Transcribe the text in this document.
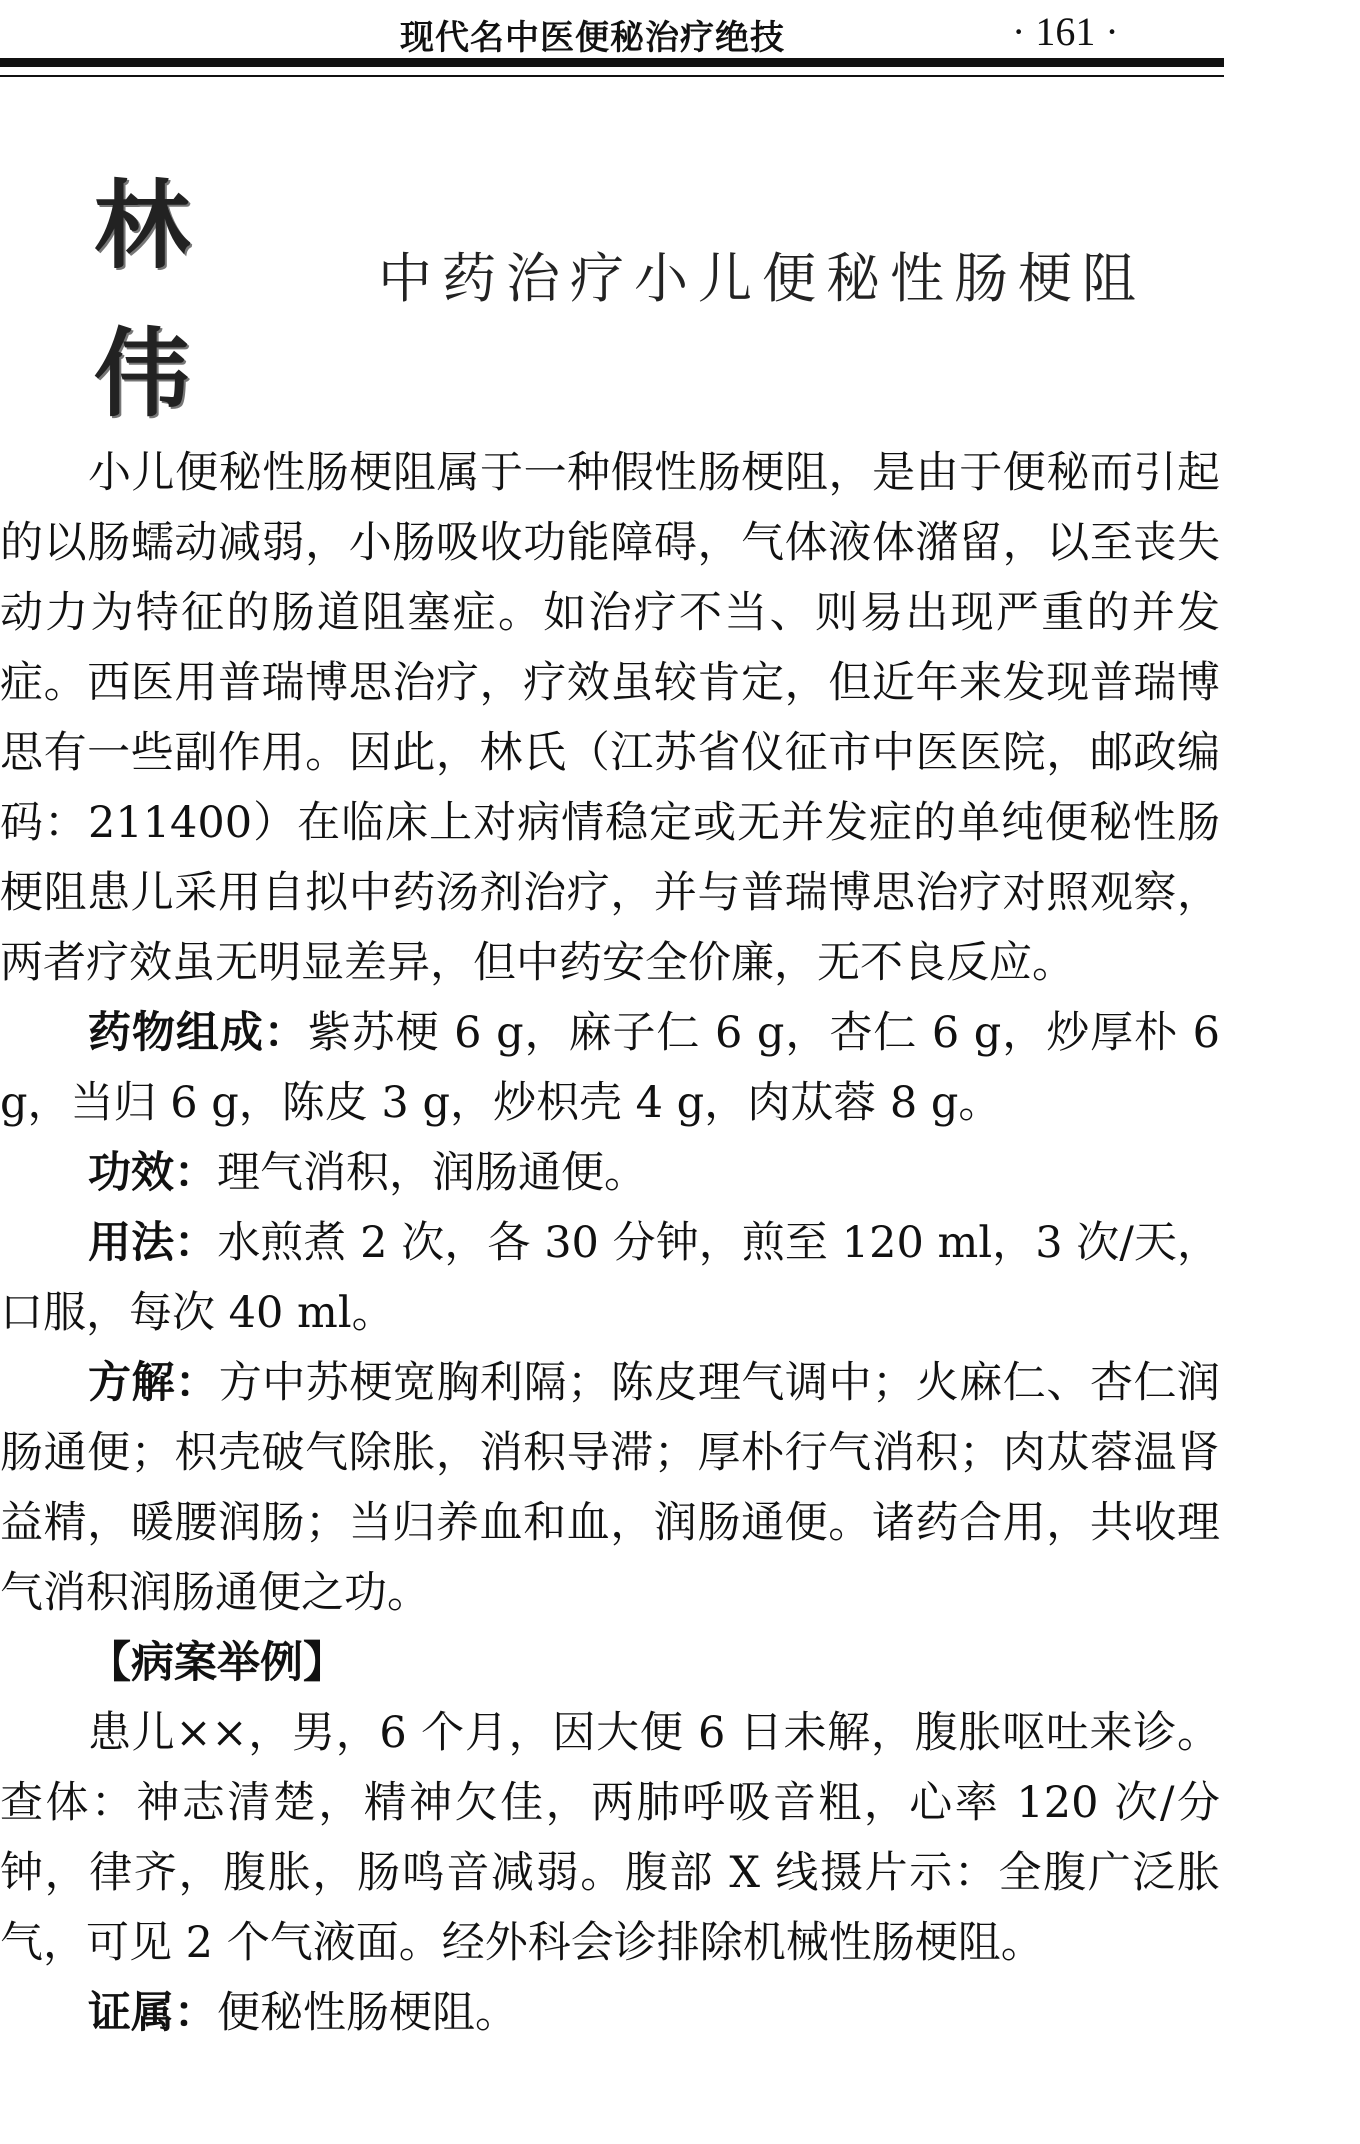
现代名中医便秘治疗绝技	· 161 ·
林
伟
中药治疗小儿便秘性肠梗阻

小儿便秘性肠梗阻属于一种假性肠梗阻，是由于便秘而引起的以肠蠕动减弱，小肠吸收功能障碍，气体液体潴留，以至丧失动力为特征的肠道阻塞症。如治疗不当、则易出现严重的并发症。西医用普瑞博思治疗，疗效虽较肯定，但近年来发现普瑞博思有一些副作用。因此，林氏（江苏省仪征市中医医院，邮政编码：211400）在临床上对病情稳定或无并发症的单纯便秘性肠梗阻患儿采用自拟中药汤剂治疗，并与普瑞博思治疗对照观察，两者疗效虽无明显差异，但中药安全价廉，无不良反应。

药物组成：紫苏梗 6 g，麻子仁 6 g，杏仁 6 g，炒厚朴 6 g，当归 6 g，陈皮 3 g，炒枳壳 4 g，肉苁蓉 8 g。

功效：理气消积，润肠通便。

用法：水煎煮 2 次，各 30 分钟，煎至 120 ml，3 次/天，口服，每次 40 ml。

方解：方中苏梗宽胸利隔；陈皮理气调中；火麻仁、杏仁润肠通便；枳壳破气除胀，消积导滞；厚朴行气消积；肉苁蓉温肾益精，暖腰润肠；当归养血和血，润肠通便。诸药合用，共收理气消积润肠通便之功。

【病案举例】

患儿××，男，6 个月，因大便 6 日未解，腹胀呕吐来诊。查体：神志清楚，精神欠佳，两肺呼吸音粗，心率 120 次/分钟，律齐，腹胀，肠鸣音减弱。腹部 X 线摄片示：全腹广泛胀气，可见 2 个气液面。经外科会诊排除机械性肠梗阻。

证属：便秘性肠梗阻。
